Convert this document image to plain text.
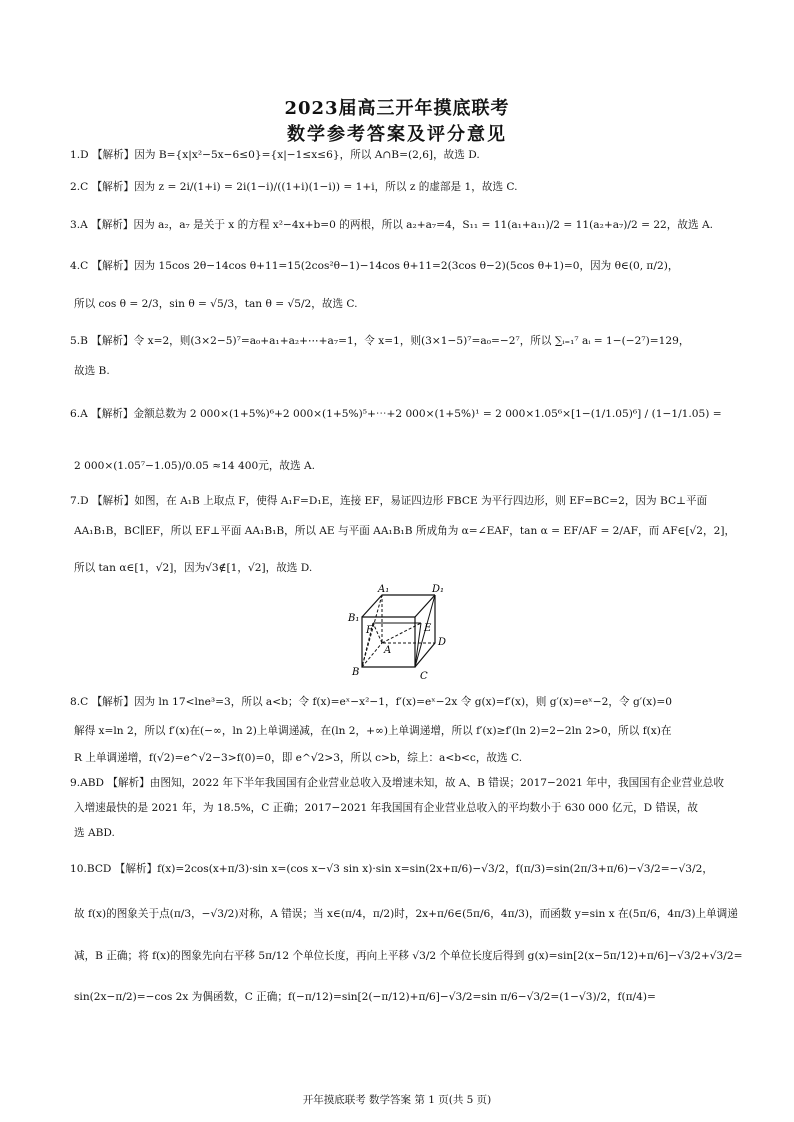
2023届高三开年摸底联考
数学参考答案及评分意见
1.D 【解析】因为 B={x|x²−5x−6≤0}={x|−1≤x≤6}，所以 A∩B=(2,6]，故选 D.
2.C 【解析】因为 z = 2i/(1+i) = 2i(1−i)/((1+i)(1−i)) = 1+i，所以 z 的虚部是 1，故选 C.
3.A 【解析】因为 a₂，a₇ 是关于 x 的方程 x²−4x+b=0 的两根，所以 a₂+a₇=4，S₁₁ = 11(a₁+a₁₁)/2 = 11(a₂+a₇)/2 = 22，故选 A.
4.C 【解析】因为 15cos 2θ−14cos θ+11=15(2cos²θ−1)−14cos θ+11=2(3cos θ−2)(5cos θ+1)=0，因为 θ∈(0, π/2)，
所以 cos θ = 2/3，sin θ = √5/3，tan θ = √5/2，故选 C.
5.B 【解析】令 x=2，则(3×2−5)⁷=a₀+a₁+a₂+⋯+a₇=1，令 x=1，则(3×1−5)⁷=a₀=−2⁷，所以 ∑ᵢ₌₁⁷ aᵢ = 1−(−2⁷)=129，
故选 B.
6.A 【解析】金额总数为 2 000×(1+5%)⁶+2 000×(1+5%)⁵+⋯+2 000×(1+5%)¹ = 2 000×1.05⁶×[1−(1/1.05)⁶] / (1−1/1.05) =
2 000×(1.05⁷−1.05)/0.05 ≈14 400元，故选 A.
7.D 【解析】如图，在 A₁B 上取点 F，使得 A₁F=D₁E，连接 EF，易证四边形 FBCE 为平行四边形，则 EF=BC=2，因为 BC⊥平面
AA₁B₁B，BC∥EF，所以 EF⊥平面 AA₁B₁B，所以 AE 与平面 AA₁B₁B 所成角为 α=∠EAF，tan α = EF/AF = 2/AF，而 AF∈[√2，2]，
所以 tan α∈[1，√2]，因为√3∉[1，√2]，故选 D.
A₁	D₁
B₁
F	E
A
D
B	C
8.C 【解析】因为 ln 17<lne³=3，所以 a<b；令 f(x)=eˣ−x²−1，f′(x)=eˣ−2x 令 g(x)=f′(x)，则 g′(x)=eˣ−2，令 g′(x)=0
解得 x=ln 2，所以 f′(x)在(−∞，ln 2)上单调递减，在(ln 2，+∞)上单调递增，所以 f′(x)≥f′(ln 2)=2−2ln 2>0，所以 f(x)在
R 上单调递增，f(√2)=e^√2−3>f(0)=0，即 e^√2>3，所以 c>b，综上：a<b<c，故选 C.
9.ABD 【解析】由图知，2022 年下半年我国国有企业营业总收入及增速未知，故 A、B 错误；2017−2021 年中，我国国有企业营业总收
入增速最快的是 2021 年，为 18.5%，C 正确；2017−2021 年我国国有企业营业总收入的平均数小于 630 000 亿元，D 错误，故
选 ABD.
10.BCD 【解析】f(x)=2cos(x+π/3)·sin x=(cos x−√3 sin x)·sin x=sin(2x+π/6)−√3/2，f(π/3)=sin(2π/3+π/6)−√3/2=−√3/2，
故 f(x)的图象关于点(π/3，−√3/2)对称，A 错误；当 x∈(π/4，π/2)时，2x+π/6∈(5π/6，4π/3)，而函数 y=sin x 在(5π/6，4π/3)上单调递
减，B 正确；将 f(x)的图象先向右平移 5π/12 个单位长度，再向上平移 √3/2 个单位长度后得到 g(x)=sin[2(x−5π/12)+π/6]−√3/2+√3/2=
sin(2x−π/2)=−cos 2x 为偶函数，C 正确；f(−π/12)=sin[2(−π/12)+π/6]−√3/2=sin π/6−√3/2=(1−√3)/2，f(π/4)=
开年摸底联考 数学答案 第 1 页(共 5 页)
